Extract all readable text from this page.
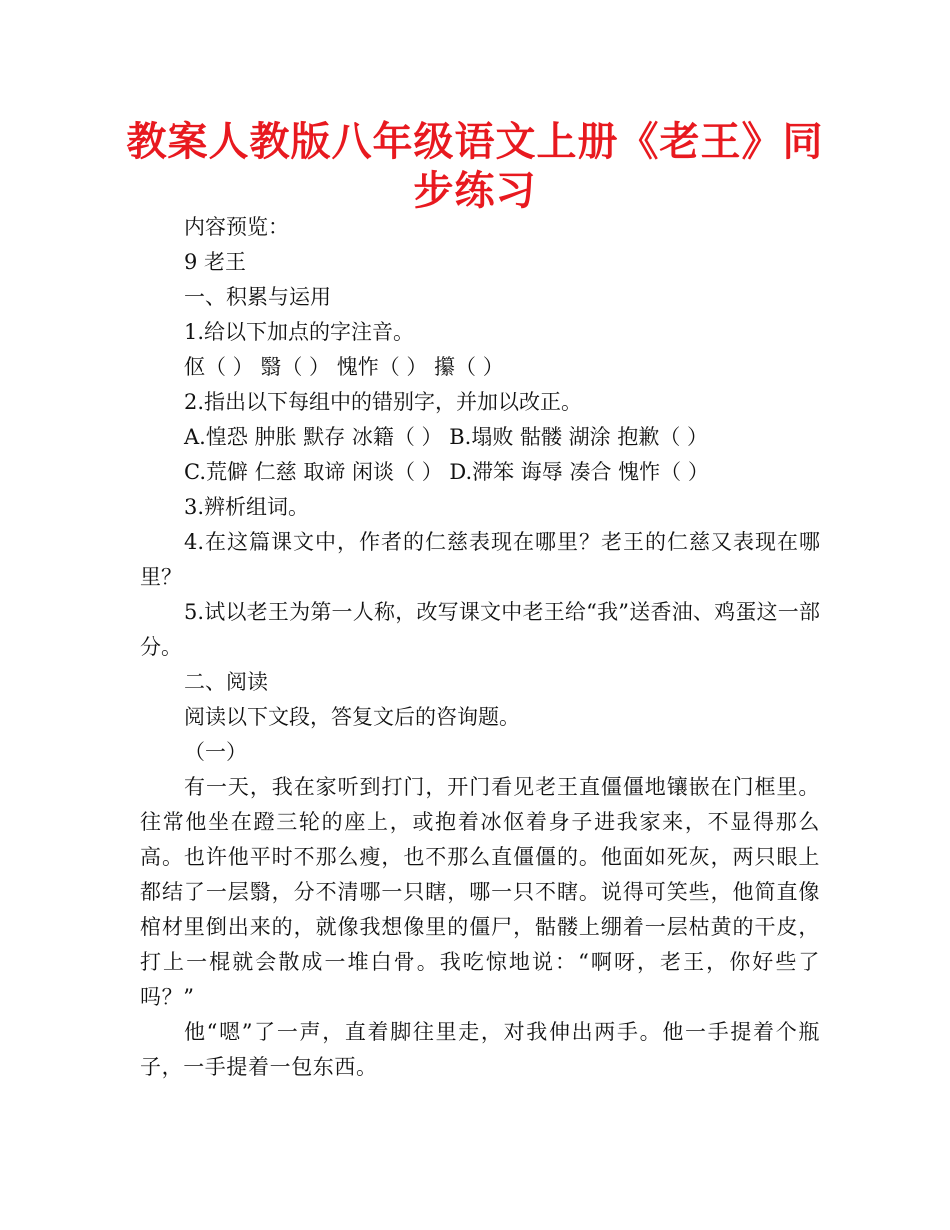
教案人教版八年级语文上册《老王》同步练习
内容预览：
9 老王
一、积累与运用
1.给以下加点的字注音。
伛（ ） 翳（ ） 愧怍（ ） 攥（ ）
2.指出以下每组中的错别字，并加以改正。
A.惶恐 肿胀 默存 冰籍（ ） B.塌败 骷髅 湖涂 抱歉（ ）
C.荒僻 仁慈 取谛 闲谈（ ） D.滞笨 诲辱 凑合 愧怍（ ）
3.辨析组词。
4.在这篇课文中，作者的仁慈表现在哪里？老王的仁慈又表现在哪里？
5.试以老王为第一人称，改写课文中老王给“我”送香油、鸡蛋这一部分。
二、阅读
阅读以下文段，答复文后的咨询题。
（一）
有一天，我在家听到打门，开门看见老王直僵僵地镶嵌在门框里。往常他坐在蹬三轮的座上，或抱着冰伛着身子进我家来，不显得那么高。也许他平时不那么瘦，也不那么直僵僵的。他面如死灰，两只眼上都结了一层翳，分不清哪一只瞎，哪一只不瞎。说得可笑些，他简直像棺材里倒出来的，就像我想像里的僵尸，骷髅上绷着一层枯黄的干皮，打上一棍就会散成一堆白骨。我吃惊地说：“啊呀，老王，你好些了吗？”
他“嗯”了一声，直着脚往里走，对我伸出两手。他一手提着个瓶子，一手提着一包东西。
